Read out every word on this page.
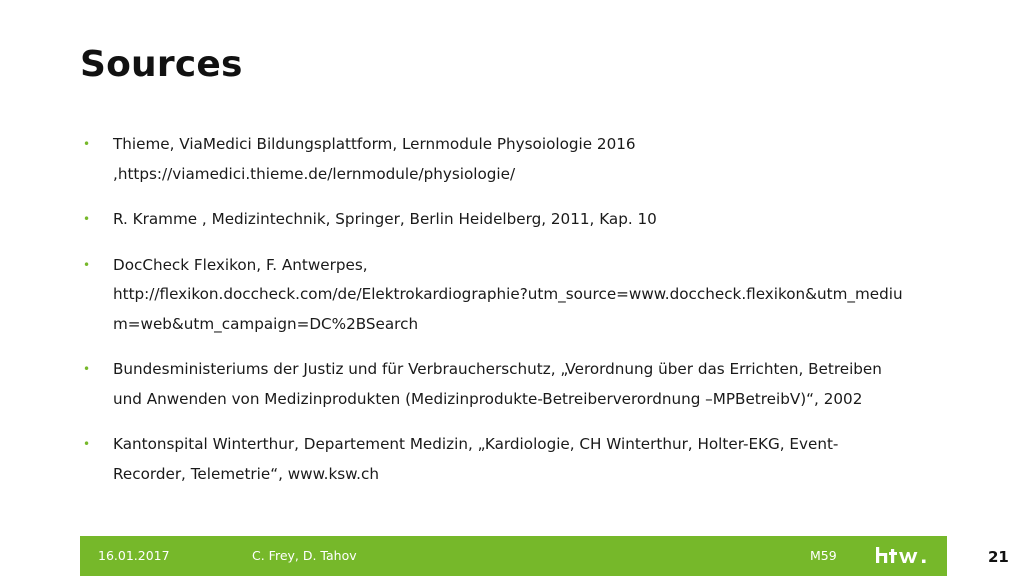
Sources
• Thieme, ViaMedici Bildungsplattform, Lernmodule Physoiologie 2016
,https://viamedici.thieme.de/lernmodule/physiologie/
• R. Kramme , Medizintechnik, Springer, Berlin Heidelberg, 2011, Kap. 10
• DocCheck Flexikon, F. Antwerpes,
http://flexikon.doccheck.com/de/Elektrokardiographie?utm_source=www.doccheck.flexikon&utm_mediu
m=web&utm_campaign=DC%2BSearch
• Bundesministeriums der Justiz und für Verbraucherschutz, „Verordnung über das Errichten, Betreiben
und Anwenden von Medizinprodukten (Medizinprodukte-Betreiberverordnung –MPBetreibV)“, 2002
• Kantonspital Winterthur, Departement Medizin, „Kardiologie, CH Winterthur, Holter-EKG, Event-
Recorder, Telemetrie“, www.ksw.ch
16.01.2017	C. Frey, D. Tahov	M59	21
